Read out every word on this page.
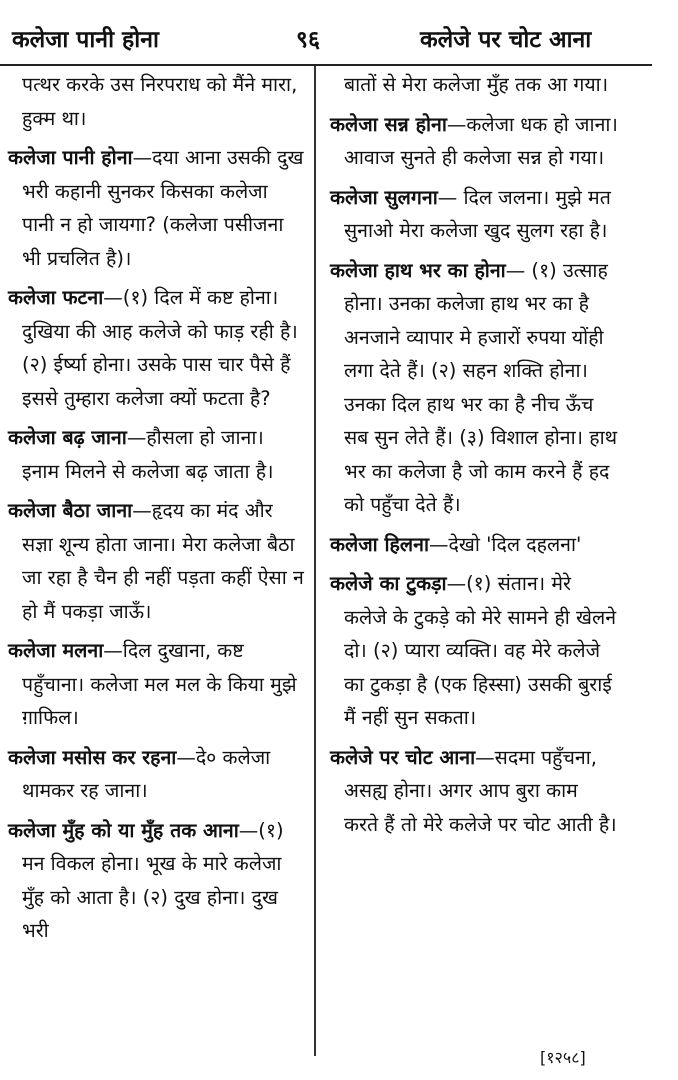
कलेजा पानी होना	९६	कलेजे पर चोट आना

पत्थर करके उस निरपराध को मैंने मारा, हुक्म था।

कलेजा पानी होना—दया आना उसकी दुख भरी कहानी सुनकर किसका कलेजा पानी न हो जायगा? (कलेजा पसीजना भी प्रचलित है)।

कलेजा फटना—(१) दिल में कष्ट होना। दुखिया की आह कलेजे को फाड़ रही है। (२) ईर्ष्या होना। उसके पास चार पैसे हैं इससे तुम्हारा कलेजा क्यों फटता है?

कलेजा बढ़ जाना—हौसला हो जाना। इनाम मिलने से कलेजा बढ़ जाता है।

कलेजा बैठा जाना—हृदय का मंद और सज्ञा शून्य होता जाना। मेरा कलेजा बैठा जा रहा है चैन ही नहीं पड़ता कहीं ऐसा न हो मैं पकड़ा जाऊँ।

कलेजा मलना—दिल दुखाना, कष्ट पहुँचाना। कलेजा मल मल के किया मुझे ग़ाफिल।

कलेजा मसोस कर रहना—दे० कलेजा थामकर रह जाना।

कलेजा मुँह को या मुँह तक आना—(१) मन विकल होना। भूख के मारे कलेजा मुँह को आता है। (२) दुख होना। दुख भरी

बातों से मेरा कलेजा मुँह तक आ गया।

कलेजा सन्न होना—कलेजा धक हो जाना। आवाज सुनते ही कलेजा सन्न हो गया।

कलेजा सुलगना— दिल जलना। मुझे मत सुनाओ मेरा कलेजा खुद सुलग रहा है।

कलेजा हाथ भर का होना— (१) उत्साह होना। उनका कलेजा हाथ भर का है अनजाने व्यापार मे हजारों रुपया योंही लगा देते हैं। (२) सहन शक्ति होना। उनका दिल हाथ भर का है नीच ऊँच सब सुन लेते हैं। (३) विशाल होना। हाथ भर का कलेजा है जो काम करने हैं हद को पहुँचा देते हैं।

कलेजा हिलना—देखो 'दिल दहलना'

कलेजे का टुकड़ा—(१) संतान। मेरे कलेजे के टुकड़े को मेरे सामने ही खेलने दो। (२) प्यारा व्यक्ति। वह मेरे कलेजे का टुकड़ा है (एक हिस्सा) उसकी बुराई मैं नहीं सुन सकता।

कलेजे पर चोट आना—सदमा पहुँचना, असह्य होना। अगर आप बुरा काम करते हैं तो मेरे कलेजे पर चोट आती है।

[१२५८]
